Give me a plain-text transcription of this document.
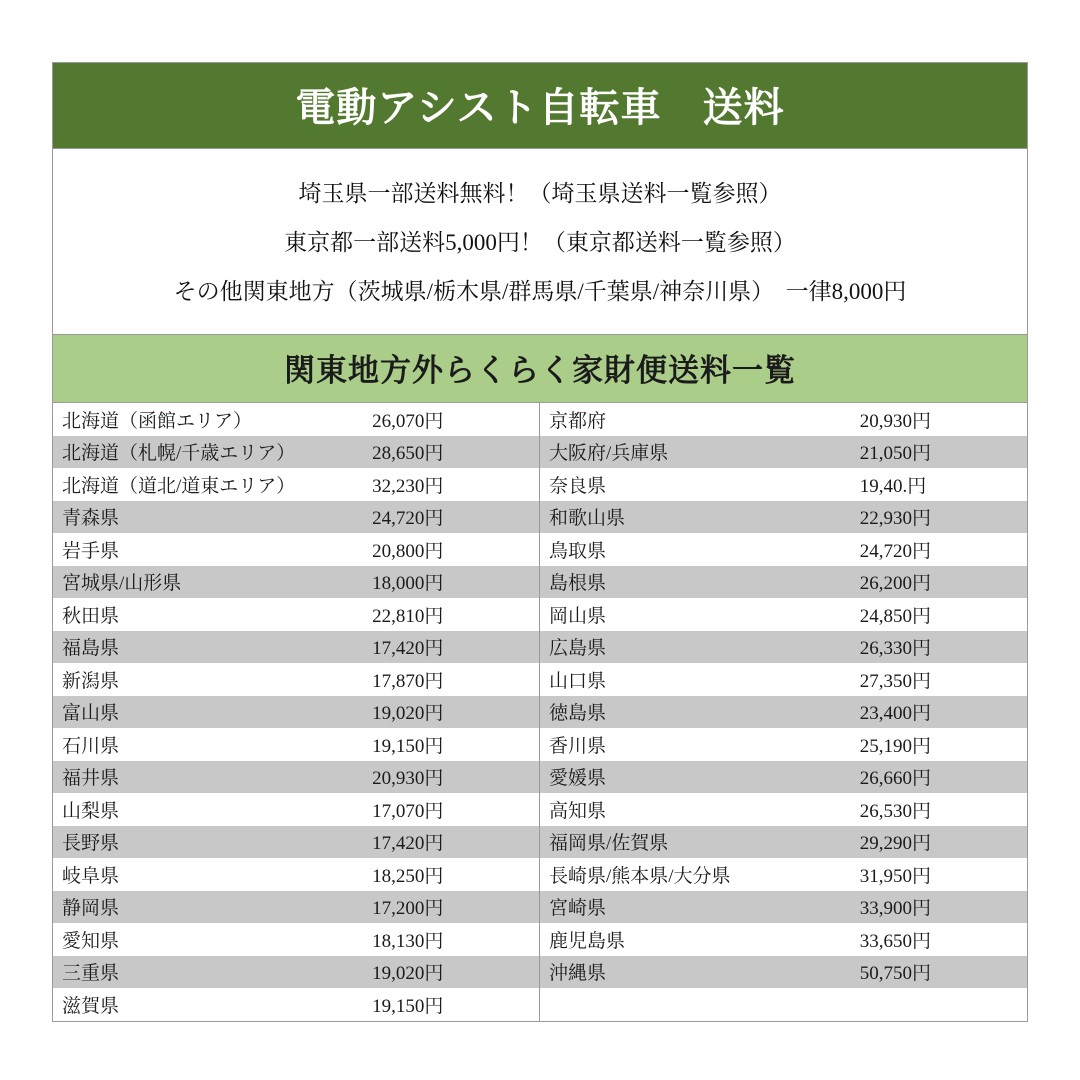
電動アシスト自転車　送料
埼玉県一部送料無料！（埼玉県送料一覧参照）
東京都一部送料5,000円！（東京都送料一覧参照）
その他関東地方（茨城県/栃木県/群馬県/千葉県/神奈川県）　一律8,000円
関東地方外らくらく家財便送料一覧
北海道（函館エリア）	26,070円
北海道（札幌/千歳エリア）	28,650円
北海道（道北/道東エリア）	32,230円
青森県	24,720円
岩手県	20,800円
宮城県/山形県	18,000円
秋田県	22,810円
福島県	17,420円
新潟県	17,870円
富山県	19,020円
石川県	19,150円
福井県	20,930円
山梨県	17,070円
長野県	17,420円
岐阜県	18,250円
静岡県	17,200円
愛知県	18,130円
三重県	19,020円
滋賀県	19,150円
京都府	20,930円
大阪府/兵庫県	21,050円
奈良県	19,40.円
和歌山県	22,930円
鳥取県	24,720円
島根県	26,200円
岡山県	24,850円
広島県	26,330円
山口県	27,350円
徳島県	23,400円
香川県	25,190円
愛媛県	26,660円
高知県	26,530円
福岡県/佐賀県	29,290円
長崎県/熊本県/大分県	31,950円
宮崎県	33,900円
鹿児島県	33,650円
沖縄県	50,750円
